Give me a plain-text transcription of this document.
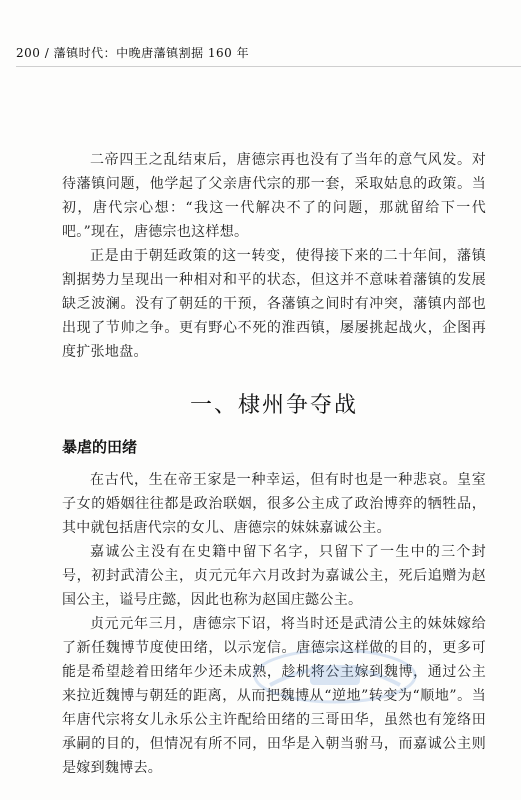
200 / 藩镇时代：中晚唐藩镇割据 160 年

二帝四王之乱结束后，唐德宗再也没有了当年的意气风发。对待藩镇问题，他学起了父亲唐代宗的那一套，采取姑息的政策。当初，唐代宗心想：“我这一代解决不了的问题，那就留给下一代吧。”现在，唐德宗也这样想。

正是由于朝廷政策的这一转变，使得接下来的二十年间，藩镇割据势力呈现出一种相对和平的状态，但这并不意味着藩镇的发展缺乏波澜。没有了朝廷的干预，各藩镇之间时有冲突，藩镇内部也出现了节帅之争。更有野心不死的淮西镇，屡屡挑起战火，企图再度扩张地盘。

一、棣州争夺战
暴虐的田绪

在古代，生在帝王家是一种幸运，但有时也是一种悲哀。皇室子女的婚姻往往都是政治联姻，很多公主成了政治博弈的牺牲品，其中就包括唐代宗的女儿、唐德宗的妹妹嘉诚公主。

嘉诚公主没有在史籍中留下名字，只留下了一生中的三个封号，初封武清公主，贞元元年六月改封为嘉诚公主，死后追赠为赵国公主，谥号庄懿，因此也称为赵国庄懿公主。

贞元元年三月，唐德宗下诏，将当时还是武清公主的妹妹嫁给了新任魏博节度使田绪，以示宠信。唐德宗这样做的目的，更多可能是希望趁着田绪年少还未成熟，趁机将公主嫁到魏博，通过公主来拉近魏博与朝廷的距离，从而把魏博从“逆地”转变为“顺地”。当年唐代宗将女儿永乐公主许配给田绪的三哥田华，虽然也有笼络田承嗣的目的，但情况有所不同，田华是入朝当驸马，而嘉诚公主则是嫁到魏博去。
